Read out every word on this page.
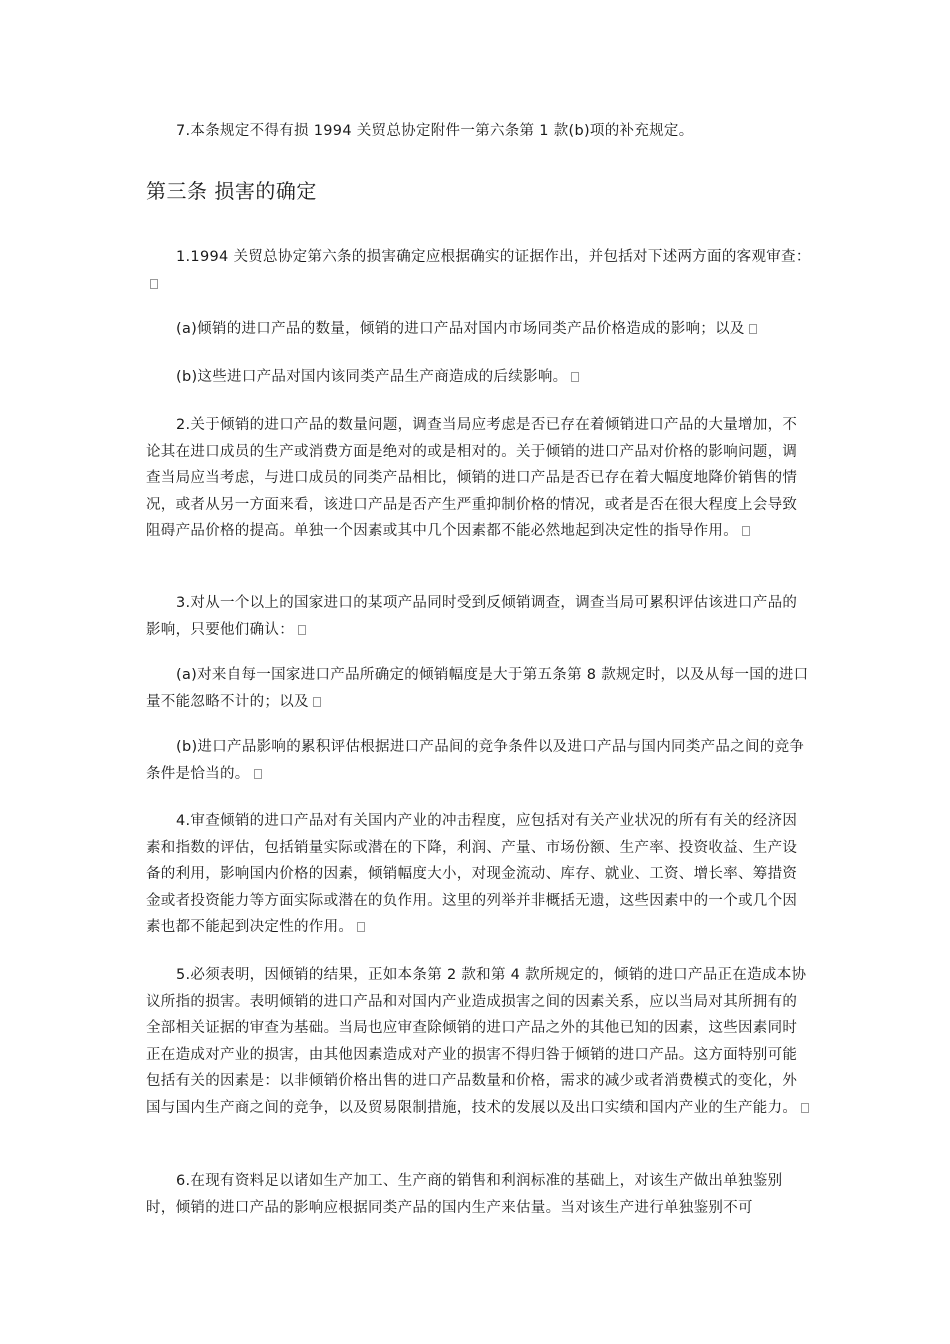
7.本条规定不得有损 1994 关贸总协定附件一第六条第 1 款(b)项的补充规定。

第三条 损害的确定

1.1994 关贸总协定第六条的损害确定应根据确实的证据作出，并包括对下述两方面的客观审查：

(a)倾销的进口产品的数量，倾销的进口产品对国内市场同类产品价格造成的影响；以及

(b)这些进口产品对国内该同类产品生产商造成的后续影响。

2.关于倾销的进口产品的数量问题，调查当局应考虑是否已存在着倾销进口产品的大量增加，不论其在进口成员的生产或消费方面是绝对的或是相对的。关于倾销的进口产品对价格的影响问题，调查当局应当考虑，与进口成员的同类产品相比，倾销的进口产品是否已存在着大幅度地降价销售的情况，或者从另一方面来看，该进口产品是否产生严重抑制价格的情况，或者是否在很大程度上会导致阻碍产品价格的提高。单独一个因素或其中几个因素都不能必然地起到决定性的指导作用。

3.对从一个以上的国家进口的某项产品同时受到反倾销调查，调查当局可累积评估该进口产品的影响，只要他们确认：

(a)对来自每一国家进口产品所确定的倾销幅度是大于第五条第 8 款规定时，以及从每一国的进口量不能忽略不计的；以及

(b)进口产品影响的累积评估根据进口产品间的竞争条件以及进口产品与国内同类产品之间的竞争条件是恰当的。

4.审查倾销的进口产品对有关国内产业的冲击程度，应包括对有关产业状况的所有有关的经济因素和指数的评估，包括销量实际或潜在的下降，利润、产量、市场份额、生产率、投资收益、生产设备的利用，影响国内价格的因素，倾销幅度大小，对现金流动、库存、就业、工资、增长率、筹措资金或者投资能力等方面实际或潜在的负作用。这里的列举并非概括无遗，这些因素中的一个或几个因素也都不能起到决定性的作用。

5.必须表明，因倾销的结果，正如本条第 2 款和第 4 款所规定的，倾销的进口产品正在造成本协议所指的损害。表明倾销的进口产品和对国内产业造成损害之间的因素关系，应以当局对其所拥有的全部相关证据的审查为基础。当局也应审查除倾销的进口产品之外的其他已知的因素，这些因素同时正在造成对产业的损害，由其他因素造成对产业的损害不得归咎于倾销的进口产品。这方面特别可能包括有关的因素是：以非倾销价格出售的进口产品数量和价格，需求的减少或者消费模式的变化，外国与国内生产商之间的竞争，以及贸易限制措施，技术的发展以及出口实绩和国内产业的生产能力。

6.在现有资料足以诸如生产加工、生产商的销售和利润标准的基础上，对该生产做出单独鉴别时，倾销的进口产品的影响应根据同类产品的国内生产来估量。当对该生产进行单独鉴别不可
